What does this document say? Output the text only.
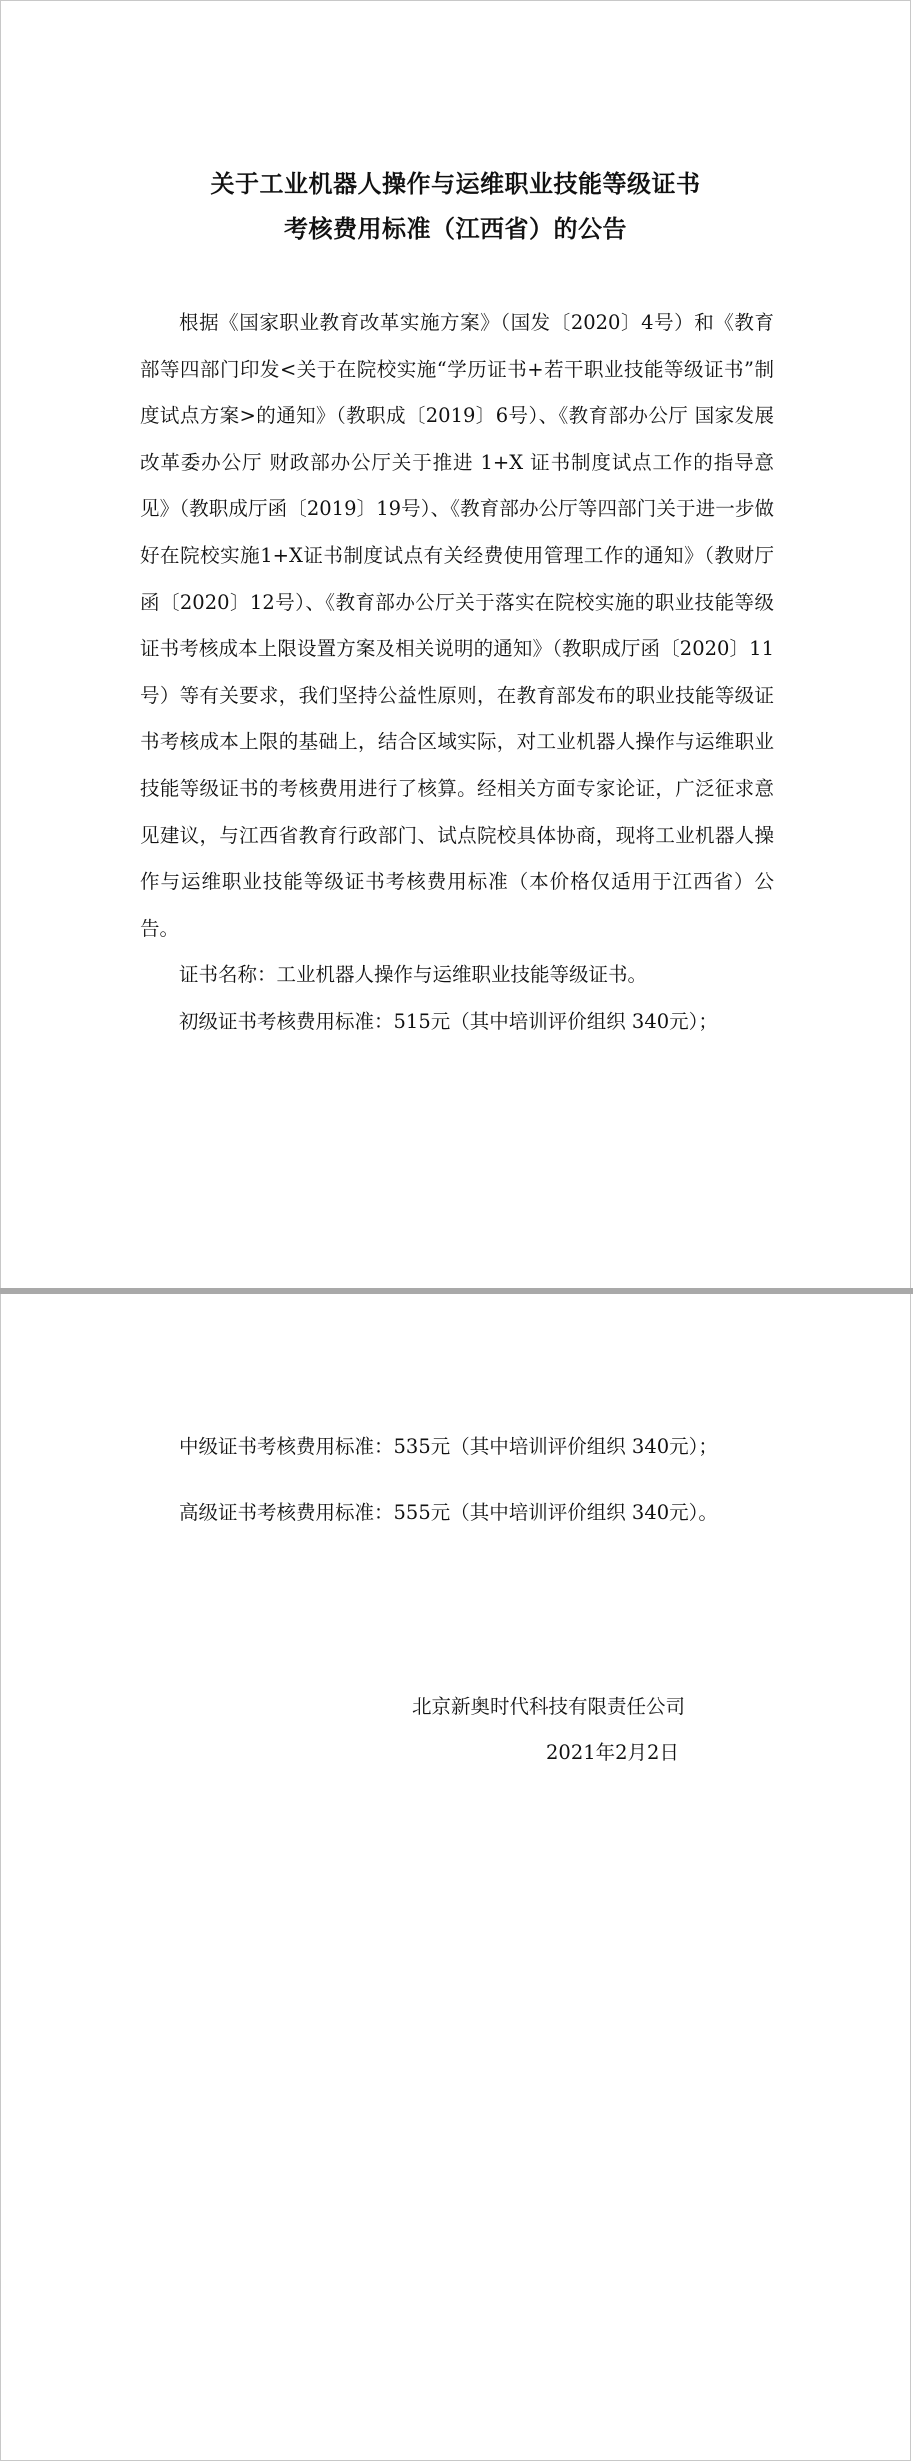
关于工业机器人操作与运维职业技能等级证书
考核费用标准（江西省）的公告

根据《国家职业教育改革实施方案》（国发〔2020〕4号）和《教育部等四部门印发<关于在院校实施“学历证书+若干职业技能等级证书”制度试点方案>的通知》（教职成〔2019〕6号）、《教育部办公厅 国家发展改革委办公厅 财政部办公厅关于推进 1+X 证书制度试点工作的指导意见》（教职成厅函〔2019〕19号）、《教育部办公厅等四部门关于进一步做好在院校实施1+X证书制度试点有关经费使用管理工作的通知》（教财厅函〔2020〕12号）、《教育部办公厅关于落实在院校实施的职业技能等级证书考核成本上限设置方案及相关说明的通知》（教职成厅函〔2020〕11 号）等有关要求，我们坚持公益性原则，在教育部发布的职业技能等级证书考核成本上限的基础上，结合区域实际，对工业机器人操作与运维职业技能等级证书的考核费用进行了核算。经相关方面专家论证，广泛征求意见建议，与江西省教育行政部门、试点院校具体协商，现将工业机器人操作与运维职业技能等级证书考核费用标准（本价格仅适用于江西省）公告。

证书名称：工业机器人操作与运维职业技能等级证书。

初级证书考核费用标准：515元（其中培训评价组织 340元）；

中级证书考核费用标准：535元（其中培训评价组织 340元）；

高级证书考核费用标准：555元（其中培训评价组织 340元）。

北京新奥时代科技有限责任公司
2021年2月2日
